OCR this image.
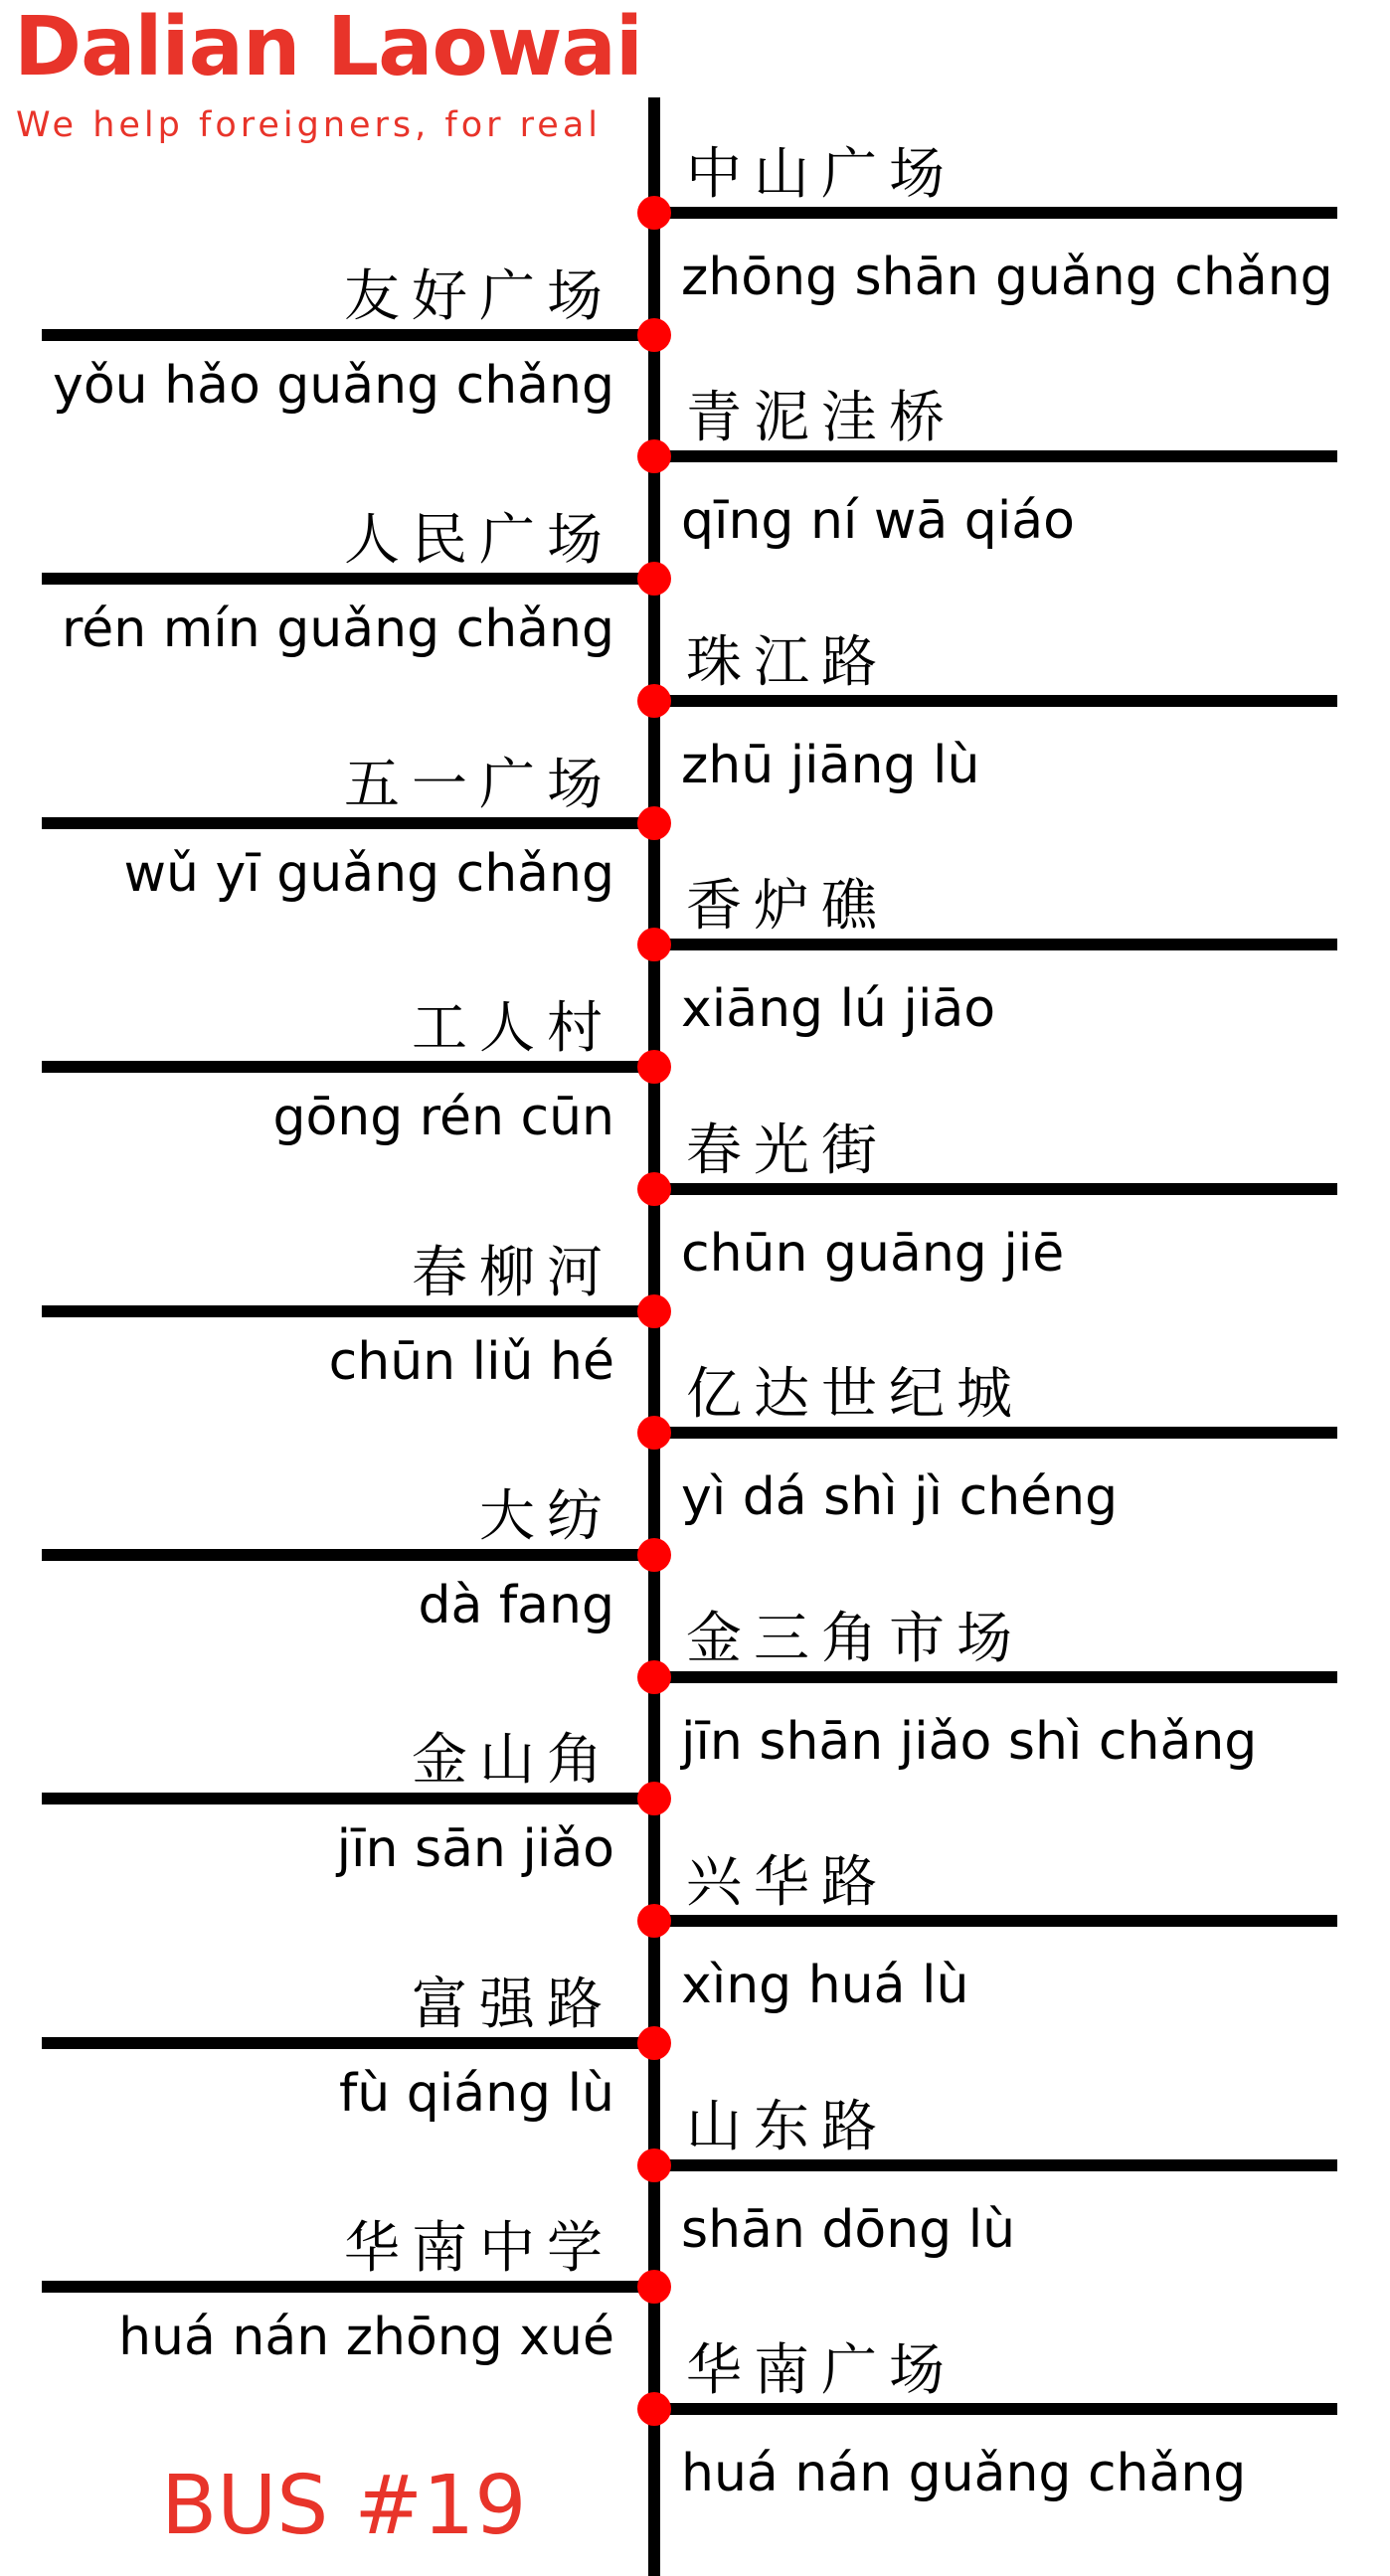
Dalian Laowai
We help foreigners, for real
中山广场
zhōng shān guǎng chǎng
友好广场
yǒu hǎo guǎng chǎng 青泥洼桥
qīng ní wā qiáo
人民广场
rén mín guǎng chǎng
珠江路
zhū jiāng lù
五一广场
wǔ yī guǎng chǎng 香炉礁
xiāng lú jiāo
工人村
gōng rén cūn
春光街
chūn guāng jiē
春柳河
chūn liǔ hé 亿达世纪城
yì dá shì jì chéng
大纺
dà fang
金三角市场
jīn shān jiǎo shì chǎng
金山角
jīn sān jiǎo
兴华路
xìng huá lù
富强路
fù qiáng lù
山东路
shān dōng lù
华南中学
huá nán zhōng xué
华南广场
huá nán guǎng chǎng
BUS #19
